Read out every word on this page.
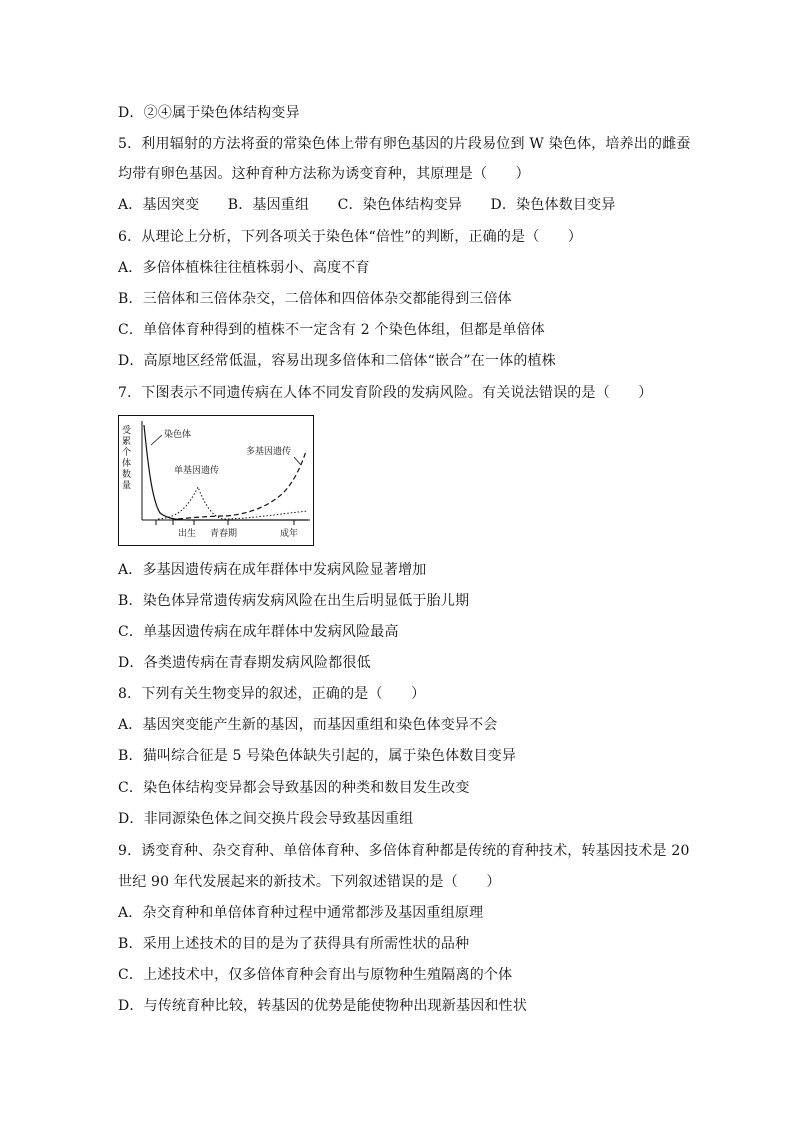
D．②④属于染色体结构变异
5．利用辐射的方法将蚕的常染色体上带有卵色基因的片段易位到 W 染色体，培养出的雌蚕
均带有卵色基因。这种育种方法称为诱变育种，其原理是（　　）
A．基因突变　　B．基因重组　　C．染色体结构变异　　D．染色体数目变异
6．从理论上分析，下列各项关于染色体“倍性”的判断，正确的是（　　）
A．多倍体植株往往植株弱小、高度不育
B．三倍体和三倍体杂交，二倍体和四倍体杂交都能得到三倍体
C．单倍体育种得到的植株不一定含有 2 个染色体组，但都是单倍体
D．高原地区经常低温，容易出现多倍体和二倍体“嵌合”在一体的植株
7．下图表示不同遗传病在人体不同发育阶段的发病风险。有关说法错误的是（　　）
受
累
个
体
数
量
出生 青春期	成年
染色体
单基因遗传
多基因遗传
A．多基因遗传病在成年群体中发病风险显著增加
B．染色体异常遗传病发病风险在出生后明显低于胎儿期
C．单基因遗传病在成年群体中发病风险最高
D．各类遗传病在青春期发病风险都很低
8．下列有关生物变异的叙述，正确的是（　　）
A．基因突变能产生新的基因，而基因重组和染色体变异不会
B．猫叫综合征是 5 号染色体缺失引起的，属于染色体数目变异
C．染色体结构变异都会导致基因的种类和数目发生改变
D．非同源染色体之间交换片段会导致基因重组
9．诱变育种、杂交育种、单倍体育种、多倍体育种都是传统的育种技术，转基因技术是 20
世纪 90 年代发展起来的新技术。下列叙述错误的是（　　）
A．杂交育种和单倍体育种过程中通常都涉及基因重组原理
B．采用上述技术的目的是为了获得具有所需性状的品种
C．上述技术中，仅多倍体育种会育出与原物种生殖隔离的个体
D．与传统育种比较，转基因的优势是能使物种出现新基因和性状
